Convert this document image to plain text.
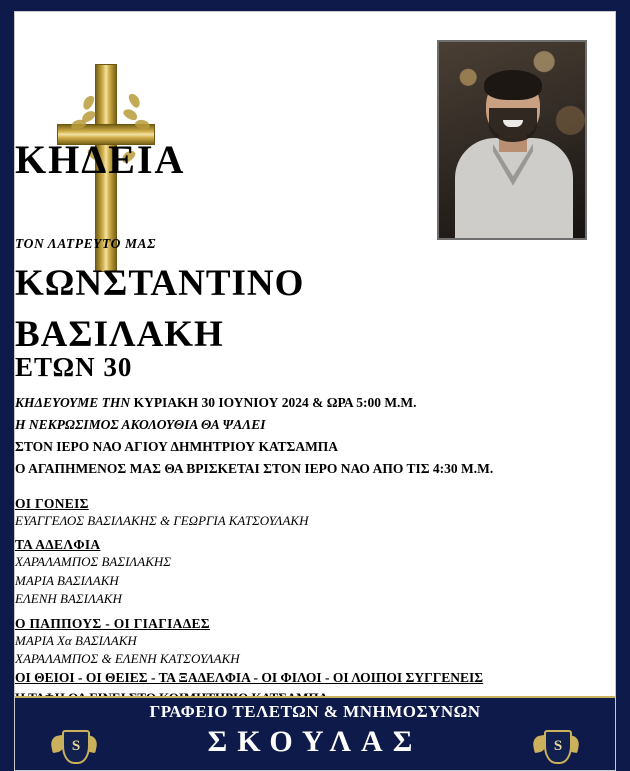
ΚΗΔΕΙΑ
ΤΟΝ ΛΑΤΡΕΥΤΟ ΜΑΣ
ΚΩΝΣΤΑΝΤΙΝΟ
ΒΑΣΙΛΑΚΗ
ΕΤΩΝ 30
ΚΗΔΕΥΟΥΜΕ ΤΗΝ ΚΥΡΙΑΚΗ 30 ΙΟΥΝΙΟΥ 2024 & ΩΡΑ 5:00 Μ.Μ.
Η ΝΕΚΡΩΣΙΜΟΣ ΑΚΟΛΟΥΘΙΑ ΘΑ ΨΑΛΕΙ
ΣΤΟΝ ΙΕΡΟ ΝΑΟ ΑΓΙΟΥ ΔΗΜΗΤΡΙΟΥ ΚΑΤΣΑΜΠΑ
Ο ΑΓΑΠΗΜΕΝΟΣ ΜΑΣ ΘΑ ΒΡΙΣΚΕΤΑΙ ΣΤΟΝ ΙΕΡΟ ΝΑΟ ΑΠΟ ΤΙΣ 4:30 Μ.Μ.
ΟΙ ΓΟΝΕΙΣ
ΕΥΑΓΓΕΛΟΣ ΒΑΣΙΛΑΚΗΣ & ΓΕΩΡΓΙΑ ΚΑΤΣΟΥΛΑΚΗ
ΤΑ ΑΔΕΛΦΙΑ
ΧΑΡΑΛΑΜΠΟΣ ΒΑΣΙΛΑΚΗΣ
ΜΑΡΙΑ ΒΑΣΙΛΑΚΗ
ΕΛΕΝΗ ΒΑΣΙΛΑΚΗ
Ο ΠΑΠΠΟΥΣ - ΟΙ ΓΙΑΓΙΑΔΕΣ
ΜΑΡΙΑ Χα ΒΑΣΙΛΑΚΗ
ΧΑΡΑΛΑΜΠΟΣ & ΕΛΕΝΗ ΚΑΤΣΟΥΛΑΚΗ
ΟΙ ΘΕΙΟΙ - ΟΙ ΘΕΙΕΣ - ΤΑ ΞΑΔΕΛΦΙΑ - ΟΙ ΦΙΛΟΙ - ΟΙ ΛΟΙΠΟΙ ΣΥΓΓΕΝΕΙΣ
S	S
ΓΡΑΦΕΙΟ ΤΕΛΕΤΩΝ & ΜΝΗΜΟΣΥΝΩΝ
ΣΚΟΥΛΑΣ
